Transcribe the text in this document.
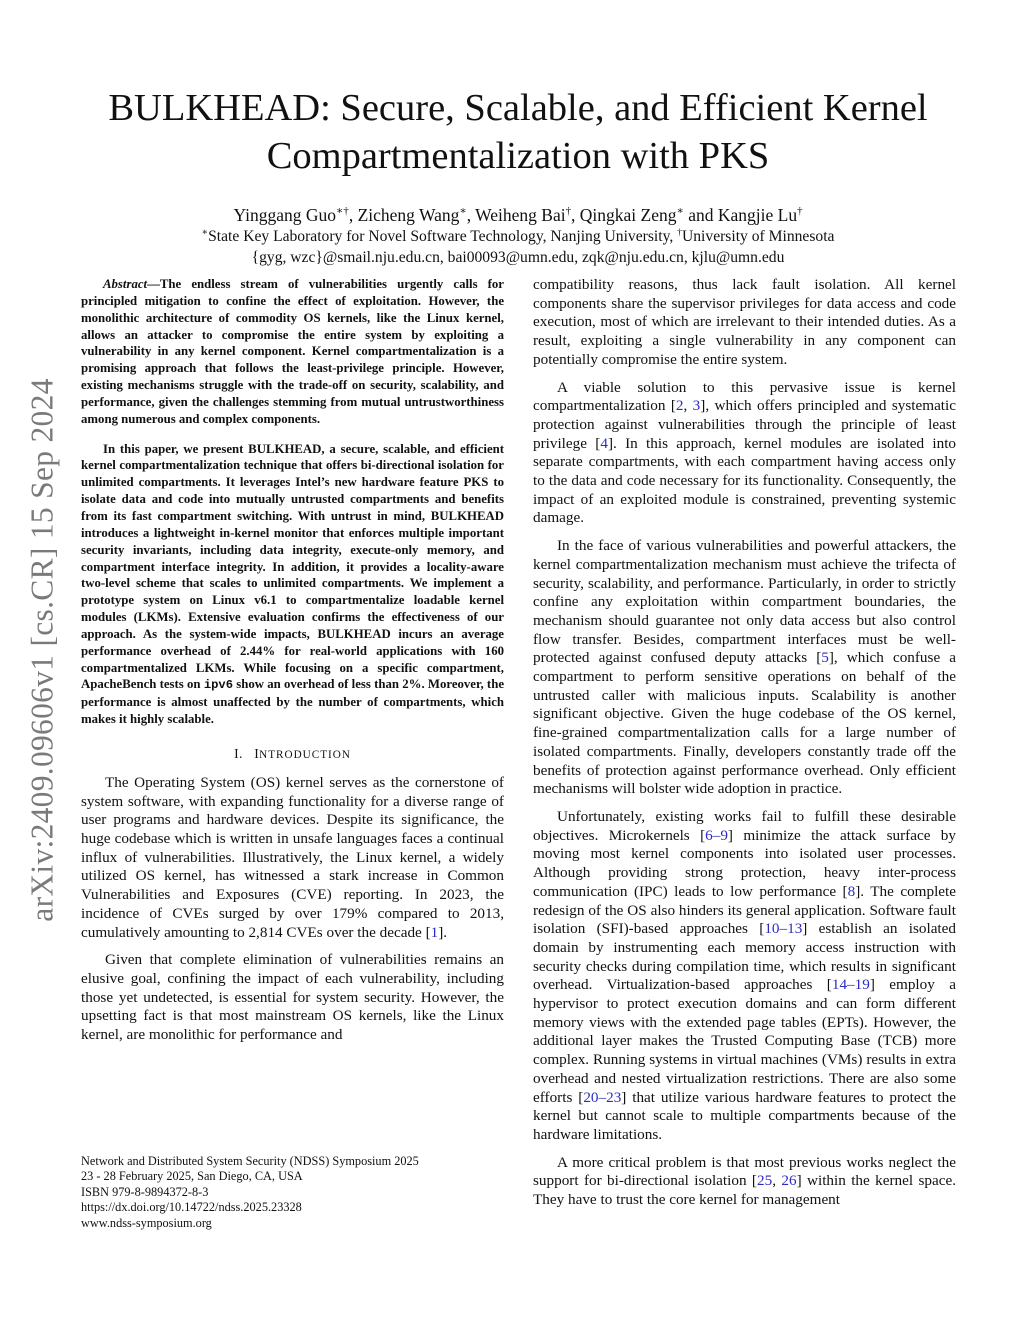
arXiv:2409.09606v1 [cs.CR] 15 Sep 2024
BULKHEAD: Secure, Scalable, and Efficient Kernel
Compartmentalization with PKS
Yinggang Guo∗†, Zicheng Wang∗, Weiheng Bai†, Qingkai Zeng∗ and Kangjie Lu†
∗State Key Laboratory for Novel Software Technology, Nanjing University, †University of Minnesota
{gyg, wzc}@smail.nju.edu.cn, bai00093@umn.edu, zqk@nju.edu.cn, kjlu@umn.edu

Abstract—The endless stream of vulnerabilities urgently calls for principled mitigation to confine the effect of exploitation. However, the monolithic architecture of commodity OS kernels, like the Linux kernel, allows an attacker to compromise the entire system by exploiting a vulnerability in any kernel component. Kernel compartmentalization is a promising approach that follows the least-privilege principle. However, existing mechanisms struggle with the trade-off on security, scalability, and performance, given the challenges stemming from mutual untrustworthiness among numerous and complex components.

In this paper, we present BULKHEAD, a secure, scalable, and efficient kernel compartmentalization technique that offers bi-directional isolation for unlimited compartments. It leverages Intel’s new hardware feature PKS to isolate data and code into mutually untrusted compartments and benefits from its fast compartment switching. With untrust in mind, BULKHEAD introduces a lightweight in-kernel monitor that enforces multiple important security invariants, including data integrity, execute-only memory, and compartment interface integrity. In addition, it provides a locality-aware two-level scheme that scales to unlimited compartments. We implement a prototype system on Linux v6.1 to compartmentalize loadable kernel modules (LKMs). Extensive evaluation confirms the effectiveness of our approach. As the system-wide impacts, BULKHEAD incurs an average performance overhead of 2.44% for real-world applications with 160 compartmentalized LKMs. While focusing on a specific compartment, ApacheBench tests on ipv6 show an overhead of less than 2%. Moreover, the performance is almost unaffected by the number of compartments, which makes it highly scalable.

I. INTRODUCTION

The Operating System (OS) kernel serves as the cornerstone of system software, with expanding functionality for a diverse range of user programs and hardware devices. Despite its significance, the huge codebase which is written in unsafe languages faces a continual influx of vulnerabilities. Illustratively, the Linux kernel, a widely utilized OS kernel, has witnessed a stark increase in Common Vulnerabilities and Exposures (CVE) reporting. In 2023, the incidence of CVEs surged by over 179% compared to 2013, cumulatively amounting to 2,814 CVEs over the decade [1].

Given that complete elimination of vulnerabilities remains an elusive goal, confining the impact of each vulnerability, including those yet undetected, is essential for system security. However, the upsetting fact is that most mainstream OS kernels, like the Linux kernel, are monolithic for performance and

Network and Distributed System Security (NDSS) Symposium 2025
23 - 28 February 2025, San Diego, CA, USA
ISBN 979-8-9894372-8-3
https://dx.doi.org/10.14722/ndss.2025.23328
www.ndss-symposium.org

compatibility reasons, thus lack fault isolation. All kernel components share the supervisor privileges for data access and code execution, most of which are irrelevant to their intended duties. As a result, exploiting a single vulnerability in any component can potentially compromise the entire system.

A viable solution to this pervasive issue is kernel compartmentalization [2, 3], which offers principled and systematic protection against vulnerabilities through the principle of least privilege [4]. In this approach, kernel modules are isolated into separate compartments, with each compartment having access only to the data and code necessary for its functionality. Consequently, the impact of an exploited module is constrained, preventing systemic damage.

In the face of various vulnerabilities and powerful attackers, the kernel compartmentalization mechanism must achieve the trifecta of security, scalability, and performance. Particularly, in order to strictly confine any exploitation within compartment boundaries, the mechanism should guarantee not only data access but also control flow transfer. Besides, compartment interfaces must be well-protected against confused deputy attacks [5], which confuse a compartment to perform sensitive operations on behalf of the untrusted caller with malicious inputs. Scalability is another significant objective. Given the huge codebase of the OS kernel, fine-grained compartmentalization calls for a large number of isolated compartments. Finally, developers constantly trade off the benefits of protection against performance overhead. Only efficient mechanisms will bolster wide adoption in practice.

Unfortunately, existing works fail to fulfill these desirable objectives. Microkernels [6–9] minimize the attack surface by moving most kernel components into isolated user processes. Although providing strong protection, heavy inter-process communication (IPC) leads to low performance [8]. The complete redesign of the OS also hinders its general application. Software fault isolation (SFI)-based approaches [10–13] establish an isolated domain by instrumenting each memory access instruction with security checks during compilation time, which results in significant overhead. Virtualization-based approaches [14–19] employ a hypervisor to protect execution domains and can form different memory views with the extended page tables (EPTs). However, the additional layer makes the Trusted Computing Base (TCB) more complex. Running systems in virtual machines (VMs) results in extra overhead and nested virtualization restrictions. There are also some efforts [20–23] that utilize various hardware features to protect the kernel but cannot scale to multiple compartments because of the hardware limitations.

A more critical problem is that most previous works neglect the support for bi-directional isolation [25, 26] within the kernel space. They have to trust the core kernel for management
